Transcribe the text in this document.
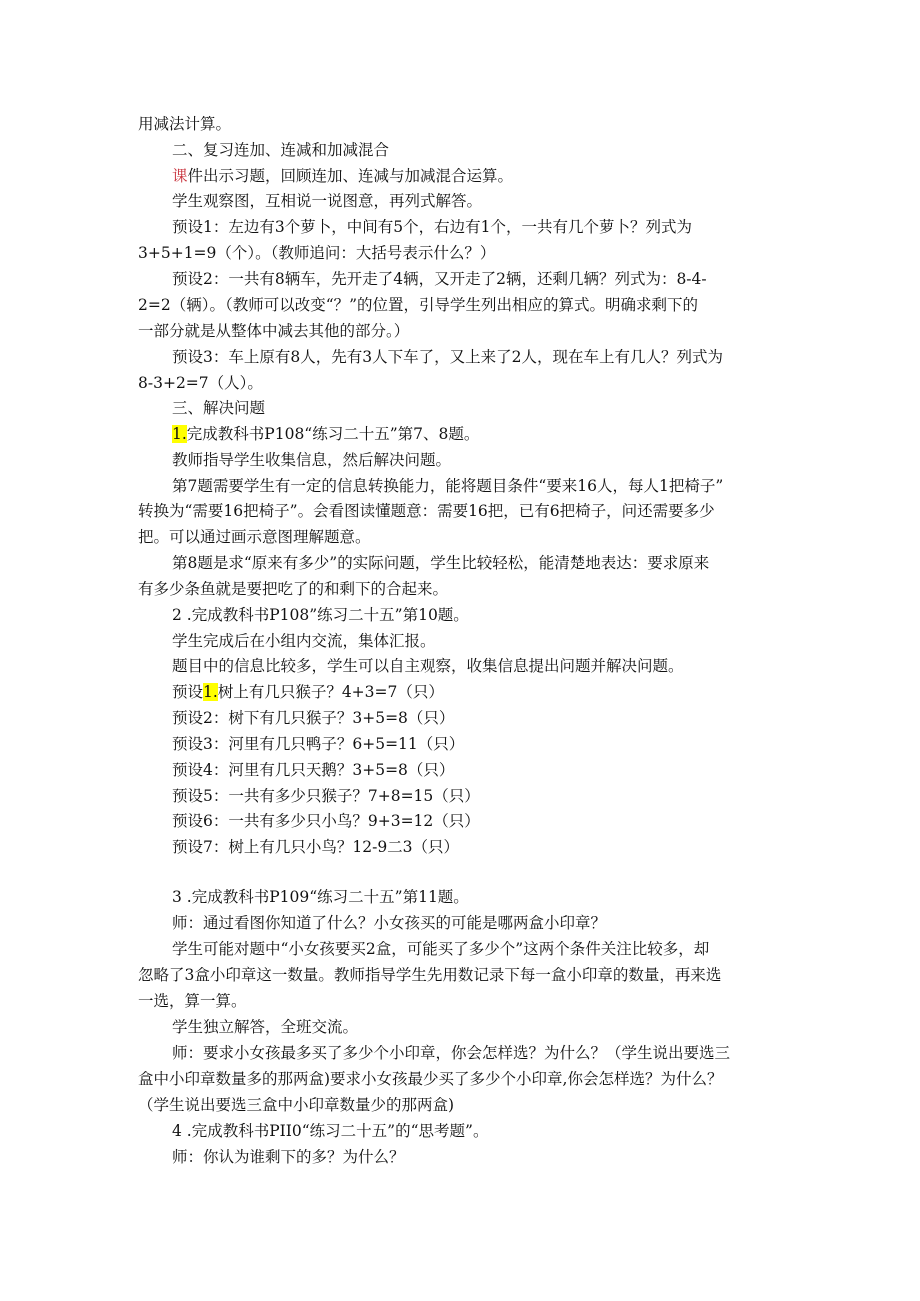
用减法计算。
二、复习连加、连减和加减混合
课件出示习题，回顾连加、连减与加减混合运算。
学生观察图，互相说一说图意，再列式解答。
预设1：左边有3个萝卜，中间有5个，右边有1个，一共有几个萝卜？列式为
3+5+1=9（个）。（教师追问：大括号表示什么？）
预设2：一共有8辆车，先开走了4辆，又开走了2辆，还剩几辆？列式为：8-4-
2=2（辆）。（教师可以改变“？”的位置，引导学生列出相应的算式。明确求剩下的
一部分就是从整体中减去其他的部分。）
预设3：车上原有8人，先有3人下车了，又上来了2人，现在车上有几人？列式为
8-3+2=7（人）。
三、解决问题
1.完成教科书P108“练习二十五”第7、8题。
教师指导学生收集信息，然后解决问题。
第7题需要学生有一定的信息转换能力，能将题目条件“要来16人，每人1把椅子”
转换为“需要16把椅子”。会看图读懂题意：需要16把，已有6把椅子，问还需要多少
把。可以通过画示意图理解题意。
第8题是求“原来有多少”的实际问题，学生比较轻松，能清楚地表达：要求原来
有多少条鱼就是要把吃了的和剩下的合起来。
2 .完成教科书P108”练习二十五”第10题。
学生完成后在小组内交流，集体汇报。
题目中的信息比较多，学生可以自主观察，收集信息提出问题并解决问题。
预设1.树上有几只猴子？4+3=7（只）
预设2：树下有几只猴子？3+5=8（只）
预设3：河里有几只鸭子？6+5=11（只）
预设4：河里有几只天鹅？3+5=8（只）
预设5：一共有多少只猴子？7+8=15（只）
预设6：一共有多少只小鸟？9+3=12（只）
预设7：树上有几只小鸟？12-9二3（只）
3 .完成教科书P109“练习二十五”第11题。
师：通过看图你知道了什么？小女孩买的可能是哪两盒小印章？
学生可能对题中“小女孩要买2盒，可能买了多少个”这两个条件关注比较多，却
忽略了3盒小印章这一数量。教师指导学生先用数记录下每一盒小印章的数量，再来选
一选，算一算。
学生独立解答，全班交流。
师：要求小女孩最多买了多少个小印章，你会怎样选？为什么？（学生说出要选三
盒中小印章数量多的那两盒)要求小女孩最少买了多少个小印章,你会怎样选？为什么？
（学生说出要选三盒中小印章数量少的那两盒)
4 .完成教科书PII0“练习二十五”的“思考题”。
师：你认为谁剩下的多？为什么？
